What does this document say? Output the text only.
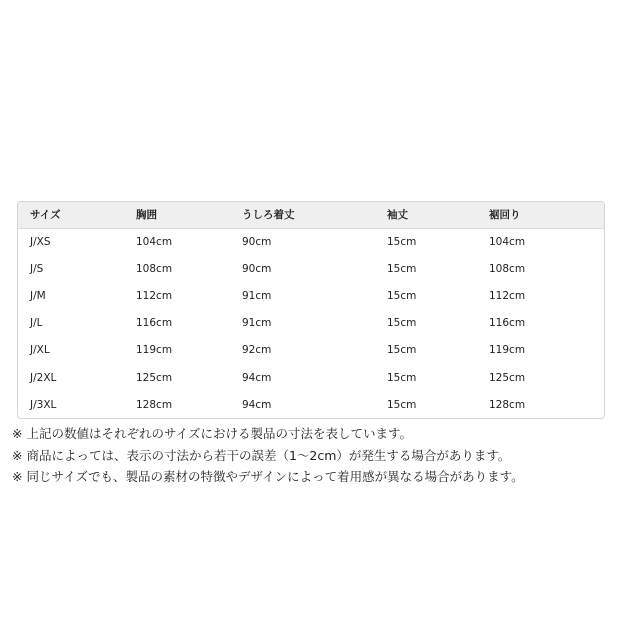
サイズ	胸囲	うしろ着丈	袖丈	裾回り
J/XS	104cm	90cm	15cm	104cm
J/S	108cm	90cm	15cm	108cm
J/M	112cm	91cm	15cm	112cm
J/L	116cm	91cm	15cm	116cm
J/XL	119cm	92cm	15cm	119cm
J/2XL	125cm	94cm	15cm	125cm
J/3XL	128cm	94cm	15cm	128cm
※ 上記の数値はそれぞれのサイズにおける製品の寸法を表しています。
※ 商品によっては、表示の寸法から若干の誤差（1〜2cm）が発生する場合があります。
※ 同じサイズでも、製品の素材の特徴やデザインによって着用感が異なる場合があります。
